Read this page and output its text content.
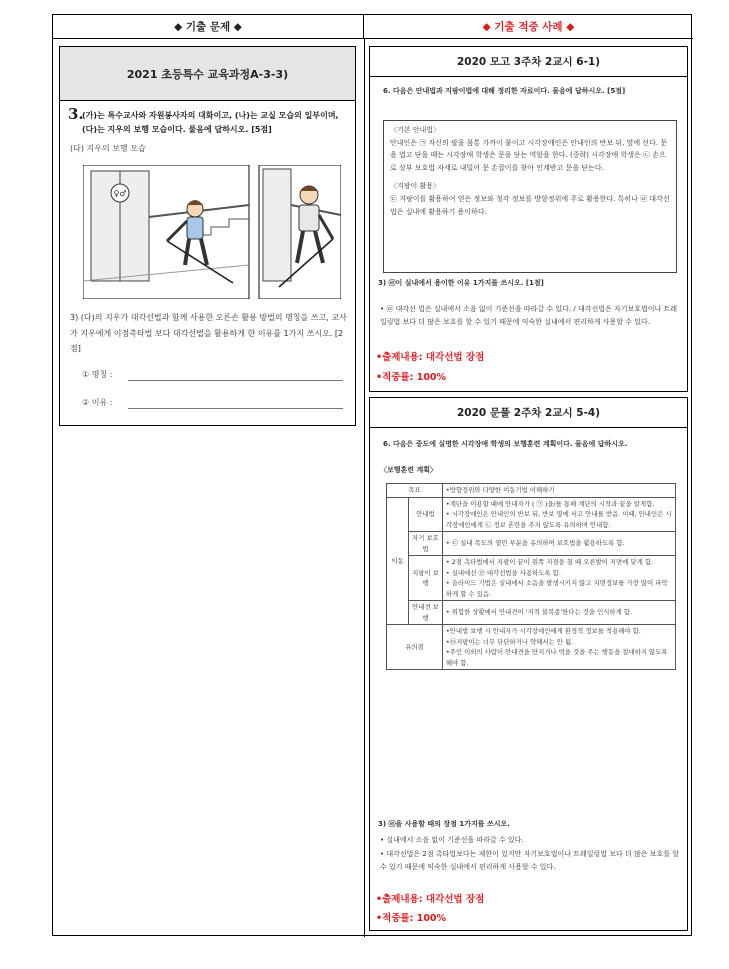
◆ 기출 문제 ◆	◆ 기출 적중 사례 ◆
2021 초등특수 교육과정A-3-3)
3.
(가)는 특수교사와 자원봉사자의 대화이고, (나)는 교실 모습의 일부이며, (다)는 지우의 보행 모습이다. 물음에 답하시오. [5점]
(다) 지우의 보행 모습
♀♂
3) (다)의 지우가 대각선법과 함께 사용한 오른손 활용 방법의 명칭을 쓰고, 교사가 지우에게 이점촉타법 보다 대각선법을 활용하게 한 이유를 1가지 쓰시오. [2점]
① 명칭 :
② 이유 :
2020 모고 3주차 2교시 6-1)
6. 다음은 안내법과 지팡이법에 대해 정리한 자료이다. 물음에 답하시오. [5점]

〈기본 안내법〉

안내인은 ㉠ 자신의 팔을 몸통 가까이 붙이고 시각장애인은 안내인의 반보 뒤, 옆에 선다. 문을 열고 닫을 때는 시각장애 학생은 문을 닫는 역할을 한다. (중략) 시각장애 학생은 ㉡ 손으로 상부 보호법 자세로 내밀어 문 손잡이를 찾아 인계받고 문을 닫는다.

〈지팡이 활용〉

㉢ 지팡이를 활용하여 얻은 정보와 청각 정보를 방향정위에 주로 활용한다. 특히나 ㉣ 대각선법은 실내에 활용하기 용이하다.

3) ㉣이 실내에서 용이한 이유 1가지를 쓰시오. [1점]
• ㉣ 대각선 법은 실내에서 소음 없이 기준선을 따라갈 수 있다. / 대각선법은 자기보호법이나 트레일링법 보다 더 많은 보호를 할 수 있기 때문에 익숙한 실내에서 편리하게 사용할 수 있다.
•출제내용: 대각선법 장점
•적중률: 100%
2020 문풀 2주차 2교시 5-4)
6. 다음은 중도에 실명한 시각장애 학생의 보행훈련 계획이다. 물음에 답하시오.
〈보행훈련 계획〉
목표		•방향정위와 다양한 이동기법 이해하기
이동	안내법	•계단을 이용할 때에 안내자가 ( ㉠ )을/를 통해 계단의 시작과 끝을 알게함.
• 시각장애인은 안내인의 반보 뒤, 반보 옆에 서고 안내를 받음. 이때, 안내인은 시각장애인에게 ㉡ 정보 혼란을 주지 않도록 유의하며 안내함.

	자기 보호법	• ㉢ 실내 복도의 열린 부분을 유의하며 보호법을 활용하도록 함.
	지팡이 보행	• 2점 촉타법에서 지팡이 끝이 왼쪽 지점을 칠 때 오른발이 지면에 닿게 함.
• 실내에선 ㉣ 대각선법을 사용하도록 함.
• 슬라이드 기법은 실내에서 소음을 발생시키지 않고 지면정보를 가장 많이 파악하게 할 수 있음.

	안내견 보행	• 위험한 상황에서 안내견이 '지적 불복종'한다는 것을 인식하게 함.
유의점		•안내법 보행 시 안내자가 시각장애인에게 환경적 정보를 적용해야 함.
•㉤지팡이는 너무 단단하거나 약해서는 안 됨.
•주인 이외의 사람이 안내견을 만지거나 먹을 것을 주는 행동을 절대하지 않도록 해야 함.
3) ㉣을 사용할 때의 장점 1가지를 쓰시오.
• 실내에서 소음 없이 기준선을 따라갈 수 있다.
• 대각선법은 2점 촉타법보다는 제한이 있지만 자기보호법이나 트레일링법 보다 더 많은 보호를 할 수 있기 때문에 익숙한 실내에서 편리하게 사용할 수 있다.
•출제내용: 대각선법 장점
•적중률: 100%
